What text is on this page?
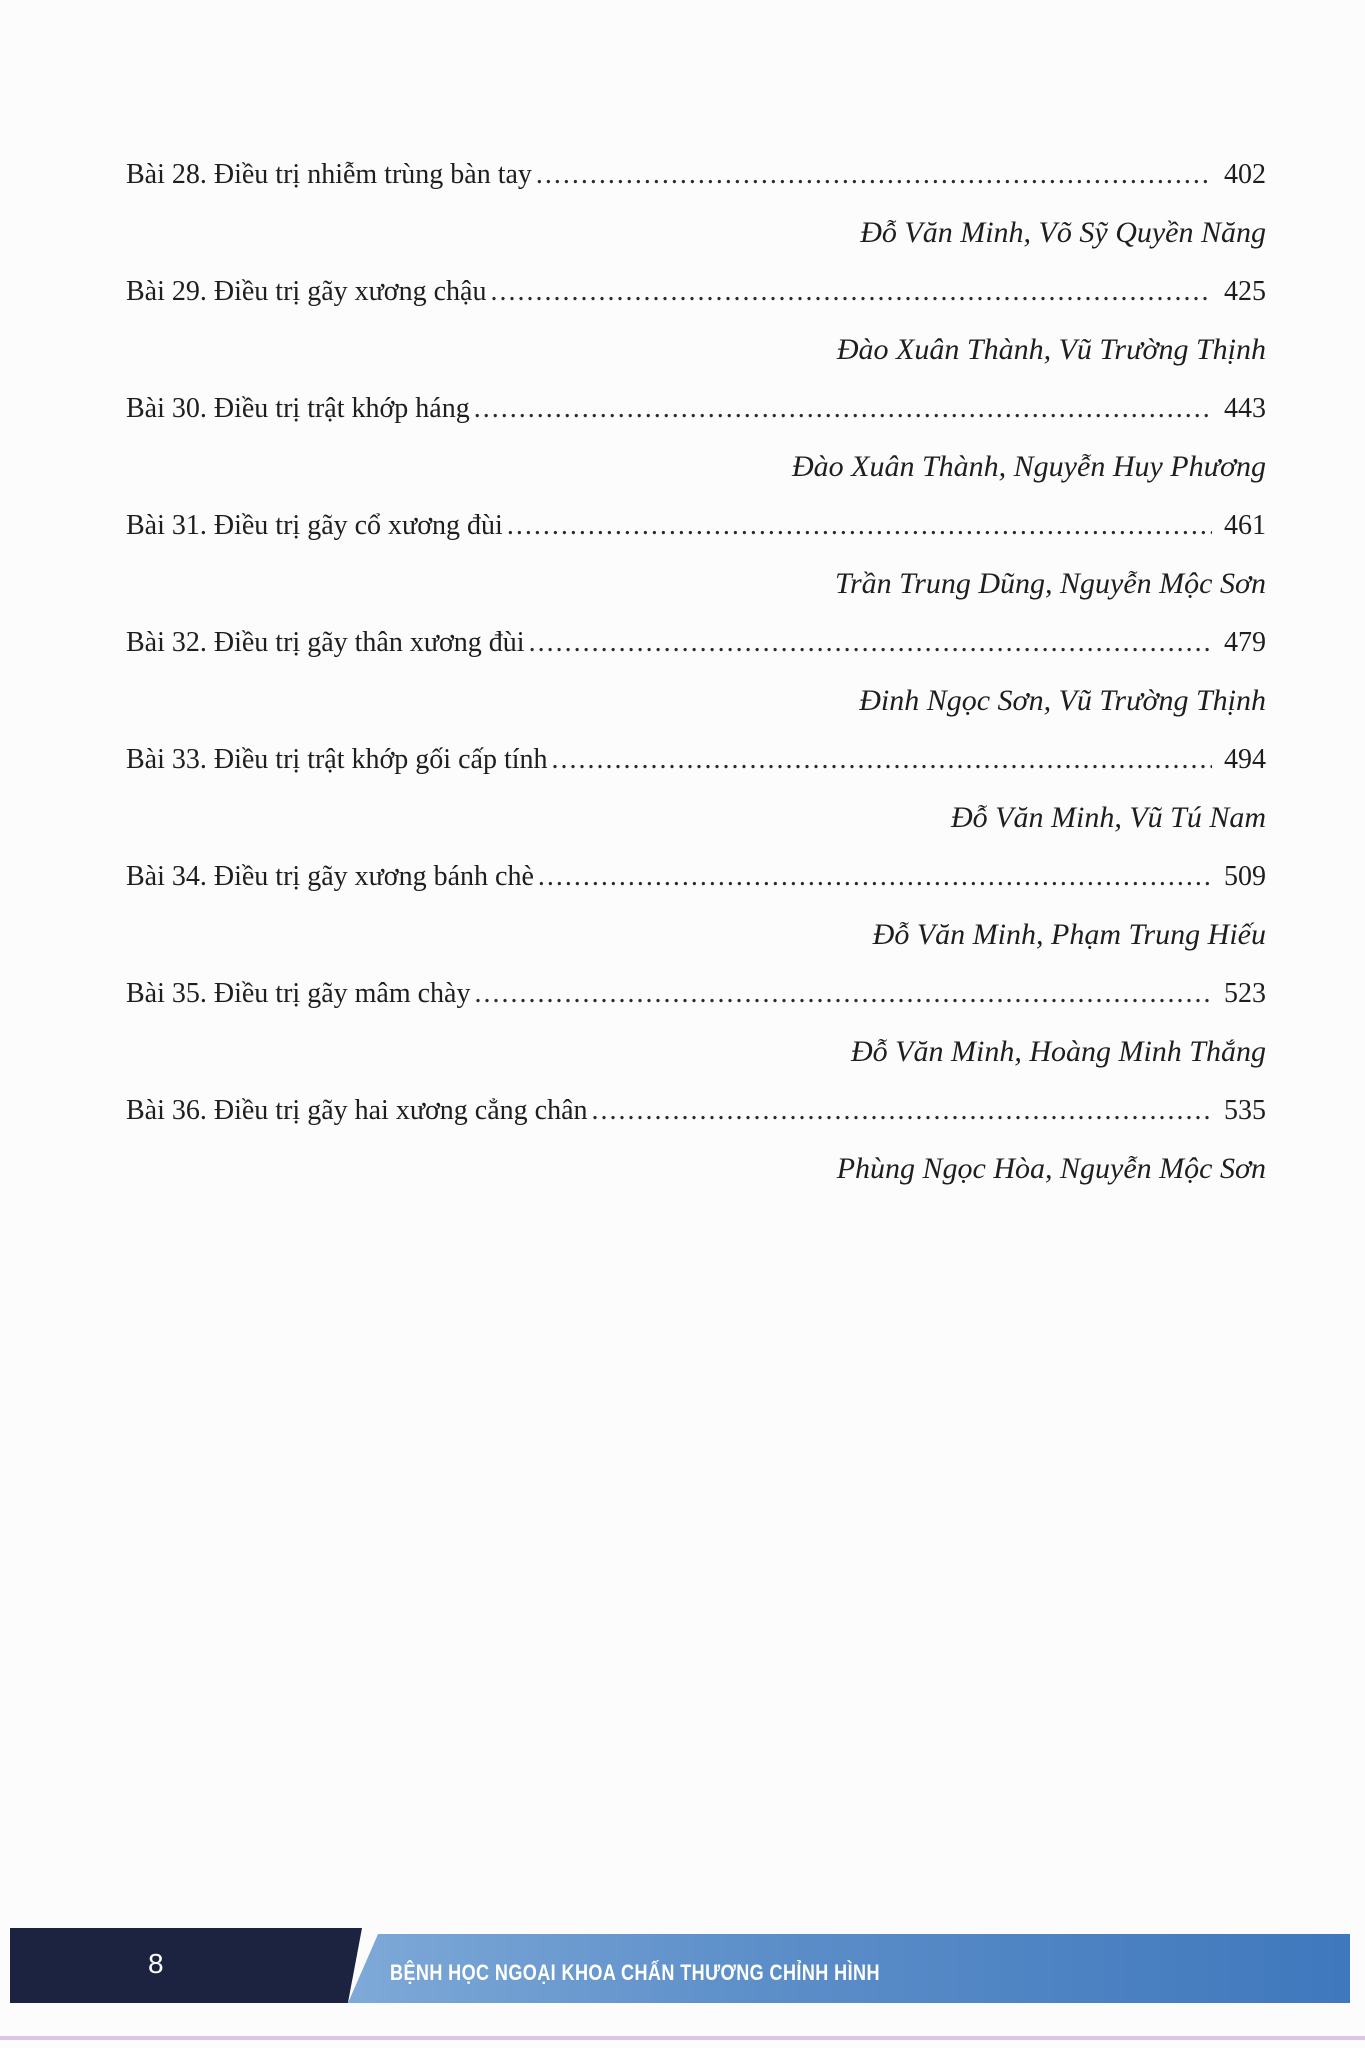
Bài 28. Điều trị nhiễm trùng bàn tay .....	402
Đỗ Văn Minh, Võ Sỹ Quyền Năng
Bài 29. Điều trị gãy xương chậu .....	425
Đào Xuân Thành, Vũ Trường Thịnh
Bài 30. Điều trị trật khớp háng .....	443
Đào Xuân Thành, Nguyễn Huy Phương
Bài 31. Điều trị gãy cổ xương đùi .....	461
Trần Trung Dũng, Nguyễn Mộc Sơn
Bài 32. Điều trị gãy thân xương đùi .....	479
Đinh Ngọc Sơn, Vũ Trường Thịnh
Bài 33. Điều trị trật khớp gối cấp tính .....	494
Đỗ Văn Minh, Vũ Tú Nam
Bài 34. Điều trị gãy xương bánh chè .....	509
Đỗ Văn Minh, Phạm Trung Hiếu
Bài 35. Điều trị gãy mâm chày .....	523
Đỗ Văn Minh, Hoàng Minh Thắng
Bài 36. Điều trị gãy hai xương cẳng chân .....	535
Phùng Ngọc Hòa, Nguyễn Mộc Sơn
8	BỆNH HỌC NGOẠI KHOA CHẤN THƯƠNG CHỈNH HÌNH
